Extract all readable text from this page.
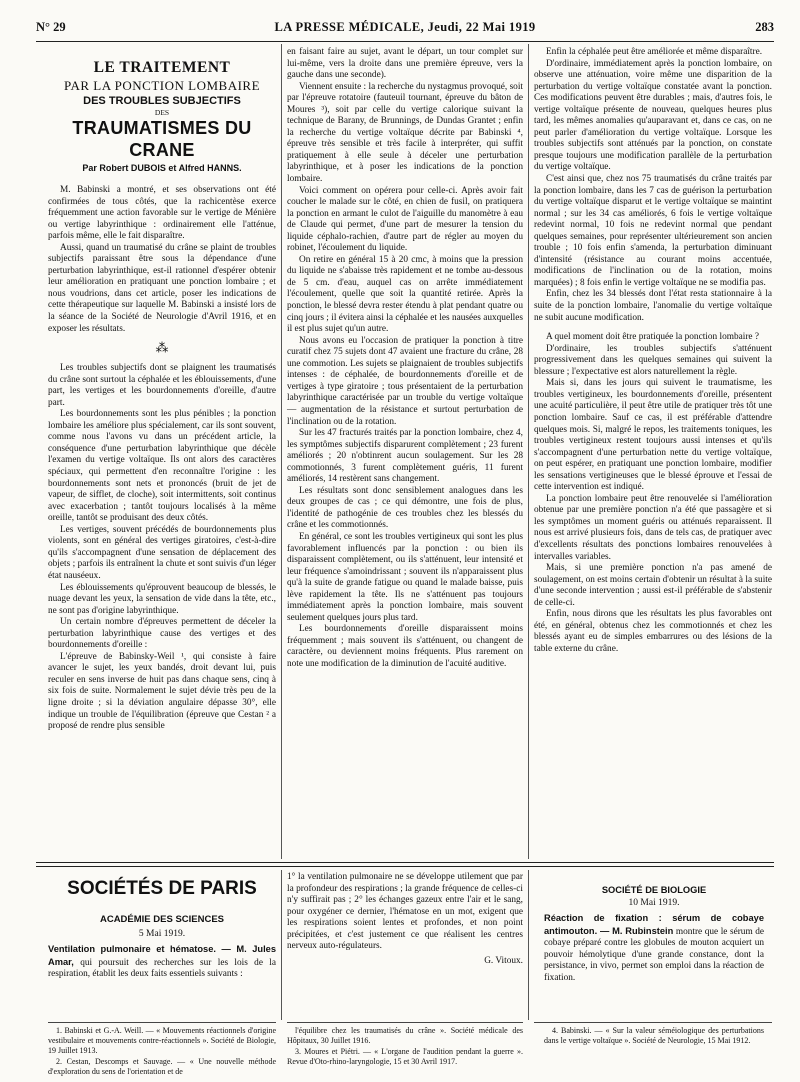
N° 29	LA PRESSE MÉDICALE, Jeudi, 22 Mai 1919	283
LE TRAITEMENT
PAR LA PONCTION LOMBAIRE
DES TROUBLES SUBJECTIFS
DES
TRAUMATISMES DU CRANE
Par Robert DUBOIS et Alfred HANNS.

M. Babinski a montré, et ses observations ont été confirmées de tous côtés, que la rachicentèse exerce fréquemment une action favorable sur le vertige de Ménière ou vertige labyrinthique : ordinairement elle l'atténue, parfois même, elle le fait disparaître.

Aussi, quand un traumatisé du crâne se plaint de troubles subjectifs paraissant être sous la dépendance d'une perturbation labyrinthique, est-il rationnel d'espérer obtenir leur amélioration en pratiquant une ponction lombaire ; et nous voudrions, dans cet article, poser les indications de cette thérapeutique sur laquelle M. Babinski a insisté lors de la séance de la Société de Neurologie d'Avril 1916, et en exposer les résultats.

⁂

Les troubles subjectifs dont se plaignent les traumatisés du crâne sont surtout la céphalée et les éblouissements, d'une part, les vertiges et les bourdonnements d'oreille, d'autre part.

Les bourdonnements sont les plus pénibles ; la ponction lombaire les améliore plus spécialement, car ils sont souvent, comme nous l'avons vu dans un précédent article, la conséquence d'une perturbation labyrinthique que décèle l'examen du vertige voltaïque. Ils ont alors des caractères spéciaux, qui permettent d'en reconnaître l'origine : les bourdonnements sont nets et prononcés (bruit de jet de vapeur, de sifflet, de cloche), soit intermittents, soit continus avec exacerbation ; tantôt toujours localisés à la même oreille, tantôt se produisant des deux côtés.

Les vertiges, souvent précédés de bourdonnements plus violents, sont en général des vertiges giratoires, c'est-à-dire qu'ils s'accompagnent d'une sensation de déplacement des objets ; parfois ils entraînent la chute et sont suivis d'un léger état nauséeux.

Les éblouissements qu'éprouvent beaucoup de blessés, le nuage devant les yeux, la sensation de vide dans la tête, etc., ne sont pas d'origine labyrinthique.

Un certain nombre d'épreuves permettent de déceler la perturbation labyrinthique cause des vertiges et des bourdonnements d'oreille :

L'épreuve de Babinsky-Weil ¹, qui consiste à faire avancer le sujet, les yeux bandés, droit devant lui, puis reculer en sens inverse de huit pas dans chaque sens, cinq à six fois de suite. Normalement le sujet dévie très peu de la ligne droite ; si la déviation angulaire dépasse 30°, elle indique un trouble de l'équilibration (épreuve que Cestan ² a proposé de rendre plus sensible

en faisant faire au sujet, avant le départ, un tour complet sur lui-même, vers la droite dans une première épreuve, vers la gauche dans une seconde).

Viennent ensuite : la recherche du nystagmus provoqué, soit par l'épreuve rotatoire (fauteuil tournant, épreuve du bâton de Moures ³), soit par celle du vertige calorique suivant la technique de Barany, de Brunnings, de Dundas Grantet ; enfin la recherche du vertige voltaïque décrite par Babinski ⁴, épreuve très sensible et très facile à interpréter, qui suffit pratiquement à elle seule à déceler une perturbation labyrinthique, et à poser les indications de la ponction lombaire.

Voici comment on opérera pour celle-ci. Après avoir fait coucher le malade sur le côté, en chien de fusil, on pratiquera la ponction en armant le culot de l'aiguille du manomètre à eau de Claude qui permet, d'une part de mesurer la tension du liquide céphalo-rachien, d'autre part de régler au moyen du robinet, l'écoulement du liquide.

On retire en général 15 à 20 cmc, à moins que la pression du liquide ne s'abaisse très rapidement et ne tombe au-dessous de 5 cm. d'eau, auquel cas on arrête immédiatement l'écoulement, quelle que soit la quantité retirée. Après la ponction, le blessé devra rester étendu à plat pendant quatre ou cinq jours ; il évitera ainsi la céphalée et les nausées auxquelles il est plus sujet qu'un autre.

Nous avons eu l'occasion de pratiquer la ponction à titre curatif chez 75 sujets dont 47 avaient une fracture du crâne, 28 une commotion. Les sujets se plaignaient de troubles subjectifs intenses : de céphalée, de bourdonnements d'oreille et de vertiges à type giratoire ; tous présentaient de la perturbation labyrinthique caractérisée par un trouble du vertige voltaïque — augmentation de la résistance et surtout perturbation de l'inclination ou de la rotation.

Sur les 47 fracturés traités par la ponction lombaire, chez 4, les symptômes subjectifs disparurent complètement ; 23 furent améliorés ; 20 n'obtinrent aucun soulagement. Sur les 28 commotionnés, 3 furent complètement guéris, 11 furent améliorés, 14 restèrent sans changement.

Les résultats sont donc sensiblement analogues dans les deux groupes de cas ; ce qui démontre, une fois de plus, l'identité de pathogénie de ces troubles chez les blessés du crâne et les commotionnés.

En général, ce sont les troubles vertigineux qui sont les plus favorablement influencés par la ponction : ou bien ils disparaissent complètement, ou ils s'atténuent, leur intensité et leur fréquence s'amoindrissant ; souvent ils n'apparaissent plus qu'à la suite de grande fatigue ou quand le malade baisse, puis lève rapidement la tête. Ils ne s'atténuent pas toujours immédiatement après la ponction lombaire, mais souvent seulement quelques jours plus tard.

Les bourdonnements d'oreille disparaissent moins fréquemment ; mais souvent ils s'atténuent, ou changent de caractère, ou deviennent moins fréquents. Plus rarement on note une modification de la diminution de l'acuité auditive.

Enfin la céphalée peut être améliorée et même disparaître.

D'ordinaire, immédiatement après la ponction lombaire, on observe une atténuation, voire même une disparition de la perturbation du vertige voltaïque constatée avant la ponction. Ces modifications peuvent être durables ; mais, d'autres fois, le vertige voltaïque présente de nouveau, quelques heures plus tard, les mêmes anomalies qu'auparavant et, dans ce cas, on ne peut parler d'amélioration du vertige voltaïque. Lorsque les troubles subjectifs sont atténués par la ponction, on constate presque toujours une modification parallèle de la perturbation du vertige voltaïque.

C'est ainsi que, chez nos 75 traumatisés du crâne traités par la ponction lombaire, dans les 7 cas de guérison la perturbation du vertige voltaïque disparut et le vertige voltaïque se maintint normal ; sur les 34 cas améliorés, 6 fois le vertige voltaïque redevint normal, 10 fois ne redevint normal que pendant quelques semaines, pour représenter ultérieurement son ancien trouble ; 10 fois enfin s'amenda, la perturbation diminuant d'intensité (résistance au courant moins accentuée, modifications de l'inclination ou de la rotation, moins marquées) ; 8 fois enfin le vertige voltaïque ne se modifia pas.

Enfin, chez les 34 blessés dont l'état resta stationnaire à la suite de la ponction lombaire, l'anomalie du vertige voltaïque ne subit aucune modification.

A quel moment doit être pratiquée la ponction lombaire ?

D'ordinaire, les troubles subjectifs s'atténuent progressivement dans les quelques semaines qui suivent la blessure ; l'expectative est alors naturellement la règle.

Mais si, dans les jours qui suivent le traumatisme, les troubles vertigineux, les bourdonnements d'oreille, présentent une acuité particulière, il peut être utile de pratiquer très tôt une ponction lombaire. Sauf ce cas, il est préférable d'attendre quelques mois. Si, malgré le repos, les traitements toniques, les troubles vertigineux restent toujours aussi intenses et qu'ils s'accompagnent d'une perturbation nette du vertige voltaïque, on peut espérer, en pratiquant une ponction lombaire, modifier les sensations vertigineuses que le blessé éprouve et l'essai de cette intervention est indiqué.

La ponction lombaire peut être renouvelée si l'amélioration obtenue par une première ponction n'a été que passagère et si les symptômes un moment guéris ou atténués reparaissent. Il nous est arrivé plusieurs fois, dans de tels cas, de pratiquer avec d'excellents résultats des ponctions lombaires renouvelées à intervalles variables.

Mais, si une première ponction n'a pas amené de soulagement, on est moins certain d'obtenir un résultat à la suite d'une seconde intervention ; aussi est-il préférable de s'abstenir de celle-ci.

Enfin, nous dirons que les résultats les plus favorables ont été, en général, obtenus chez les commotionnés et chez les blessés ayant eu de simples embarrures ou des lésions de la table externe du crâne.

SOCIÉTÉS DE PARIS
ACADÉMIE DES SCIENCES
5 Mai 1919.

Ventilation pulmonaire et hématose. — M. Jules Amar, qui poursuit des recherches sur les lois de la respiration, établit les deux faits essentiels suivants :

1° la ventilation pulmonaire ne se développe utilement que par la profondeur des respirations ; la grande fréquence de celles-ci n'y suffirait pas ; 2° les échanges gazeux entre l'air et le sang, pour oxygéner ce dernier, l'hématose en un mot, exigent que les respirations soient lentes et profondes, et non point précipitées, et c'est justement ce que réalisent les centres nerveux auto-régulateurs.

G. Vitoux.

SOCIÉTÉ DE BIOLOGIE
10 Mai 1919.

Réaction de fixation : sérum de cobaye antimouton. — M. Rubinstein montre que le sérum de cobaye préparé contre les globules de mouton acquiert un pouvoir hémolytique d'une grande constance, dont la persistance, in vivo, permet son emploi dans la réaction de fixation.

1. Babinski et G.-A. Weill. — « Mouvements réactionnels d'origine vestibulaire et mouvements contre-réactionnels ». Société de Biologie, 19 Juillet 1913.

2. Cestan, Descomps et Sauvage. — « Une nouvelle méthode d'exploration du sens de l'orientation et de

l'équilibre chez les traumatisés du crâne ». Société médicale des Hôpitaux, 30 Juillet 1916.

3. Moures et Piétri. — « L'organe de l'audition pendant la guerre ». Revue d'Oto-rhino-laryngologie, 15 et 30 Avril 1917.

4. Babinski. — « Sur la valeur séméiologique des perturbations dans le vertige voltaïque ». Société de Neurologie, 15 Mai 1912.
